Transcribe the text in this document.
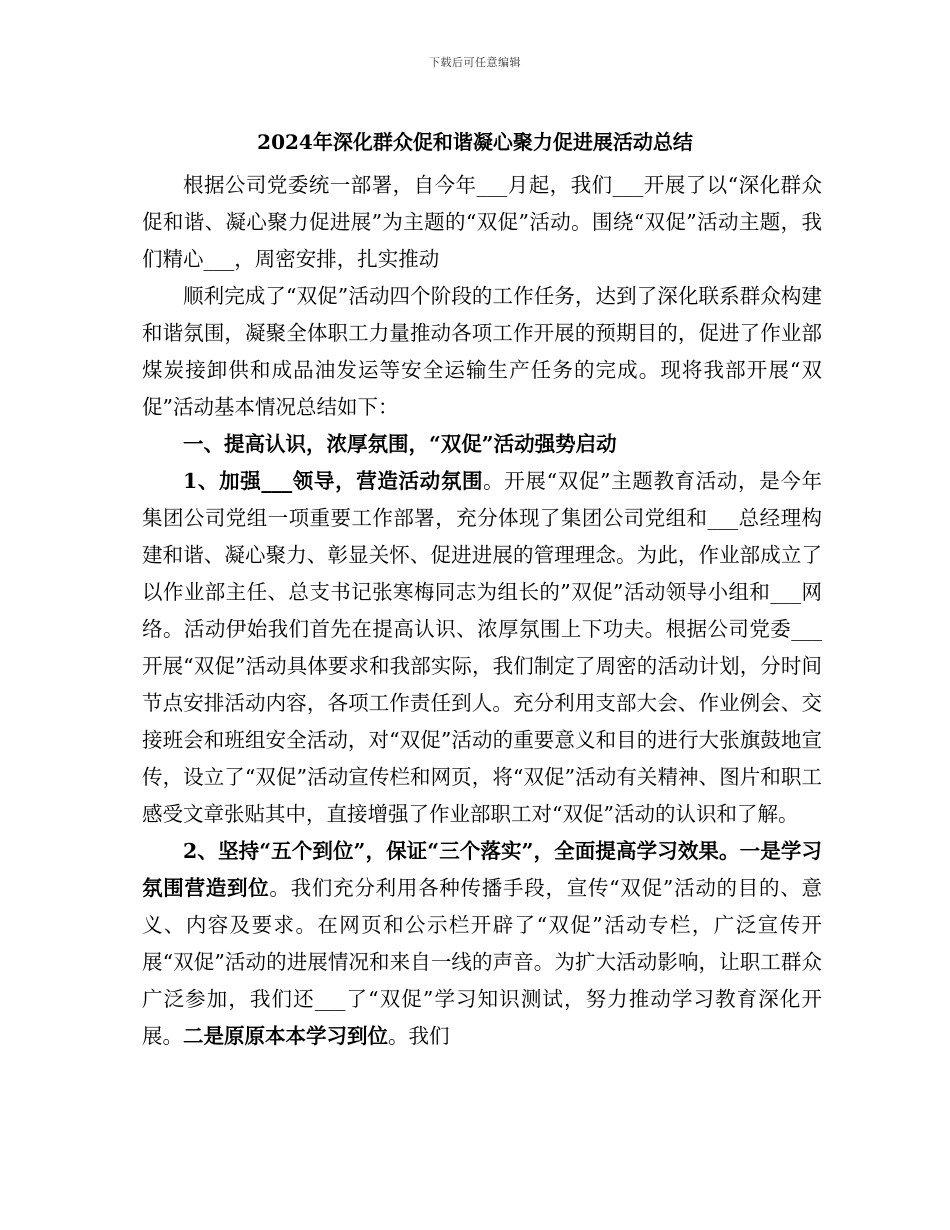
下载后可任意编辑
2024年深化群众促和谐凝心聚力促进展活动总结

根据公司党委统一部署，自今年___月起，我们___开展了以“深化群众促和谐、凝心聚力促进展”为主题的“双促”活动。围绕“双促”活动主题，我们精心___，周密安排，扎实推动

顺利完成了“双促”活动四个阶段的工作任务，达到了深化联系群众构建和谐氛围，凝聚全体职工力量推动各项工作开展的预期目的，促进了作业部煤炭接卸供和成品油发运等安全运输生产任务的完成。现将我部开展“双促”活动基本情况总结如下：

一、提高认识，浓厚氛围，“双促”活动强势启动

1、加强___领导，营造活动氛围。开展“双促”主题教育活动，是今年集团公司党组一项重要工作部署，充分体现了集团公司党组和___总经理构建和谐、凝心聚力、彰显关怀、促进进展的管理理念。为此，作业部成立了以作业部主任、总支书记张寒梅同志为组长的”双促”活动领导小组和___网络。活动伊始我们首先在提高认识、浓厚氛围上下功夫。根据公司党委___开展“双促”活动具体要求和我部实际，我们制定了周密的活动计划，分时间节点安排活动内容，各项工作责任到人。充分利用支部大会、作业例会、交接班会和班组安全活动，对“双促”活动的重要意义和目的进行大张旗鼓地宣传，设立了“双促”活动宣传栏和网页，将“双促”活动有关精神、图片和职工感受文章张贴其中，直接增强了作业部职工对“双促”活动的认识和了解。

2、坚持“五个到位”，保证“三个落实”，全面提高学习效果。一是学习氛围营造到位。我们充分利用各种传播手段，宣传“双促”活动的目的、意义、内容及要求。在网页和公示栏开辟了“双促”活动专栏，广泛宣传开展“双促”活动的进展情况和来自一线的声音。为扩大活动影响，让职工群众广泛参加，我们还___了“双促”学习知识测试，努力推动学习教育深化开展。二是原原本本学习到位。我们
